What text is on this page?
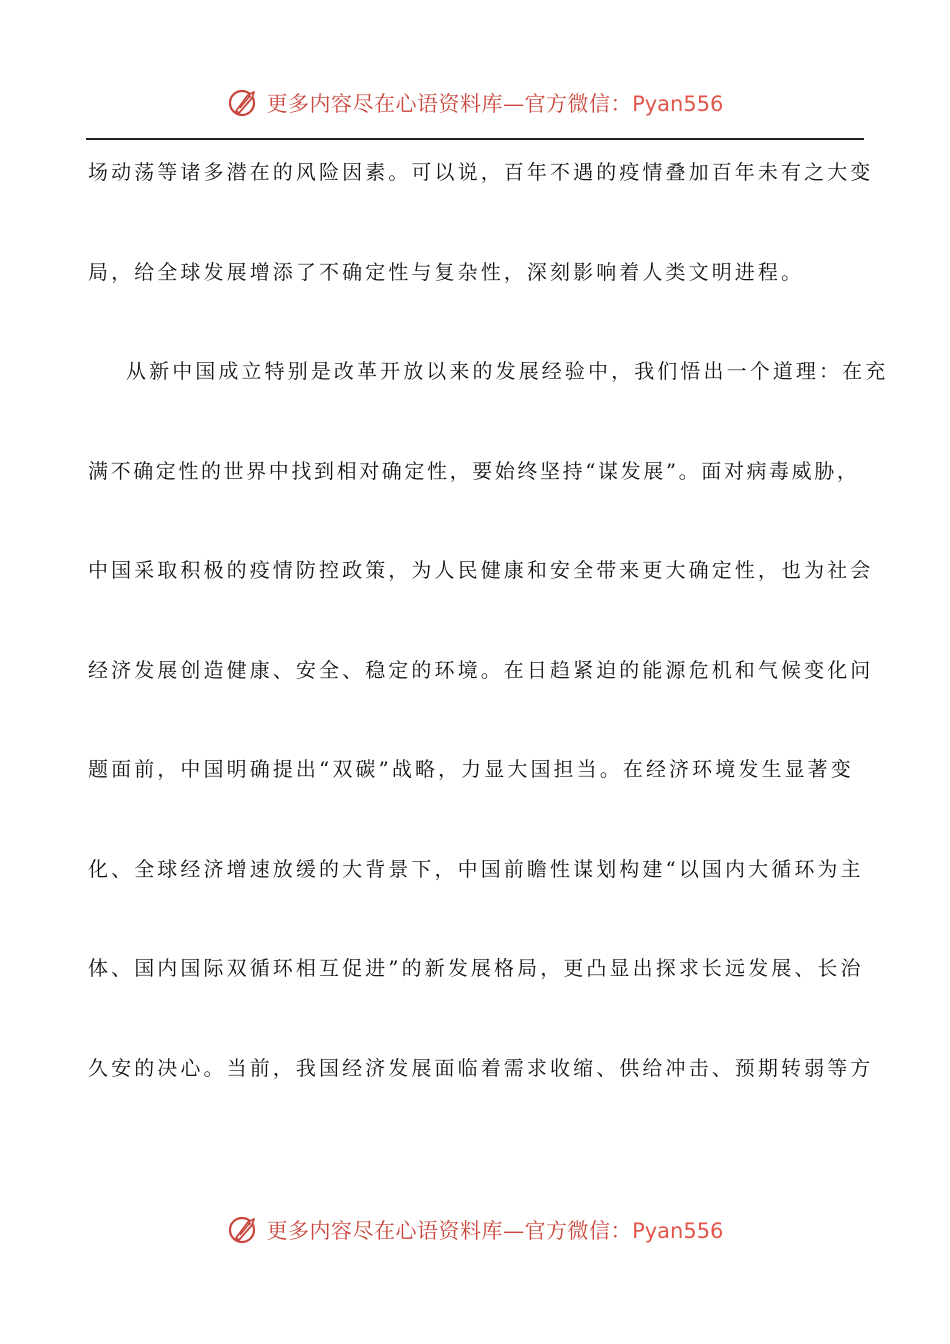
更多内容尽在心语资料库—官方微信：Pyan556
场动荡等诸多潜在的风险因素。可以说，百年不遇的疫情叠加百年未有之大变
局，给全球发展增添了不确定性与复杂性，深刻影响着人类文明进程。
从新中国成立特别是改革开放以来的发展经验中，我们悟出一个道理：在充
满不确定性的世界中找到相对确定性，要始终坚持“谋发展”。面对病毒威胁，
中国采取积极的疫情防控政策，为人民健康和安全带来更大确定性，也为社会
经济发展创造健康、安全、稳定的环境。在日趋紧迫的能源危机和气候变化问
题面前，中国明确提出“双碳”战略，力显大国担当。在经济环境发生显著变
化、全球经济增速放缓的大背景下，中国前瞻性谋划构建“以国内大循环为主
体、国内国际双循环相互促进”的新发展格局，更凸显出探求长远发展、长治
久安的决心。当前，我国经济发展面临着需求收缩、供给冲击、预期转弱等方
更多内容尽在心语资料库—官方微信：Pyan556
